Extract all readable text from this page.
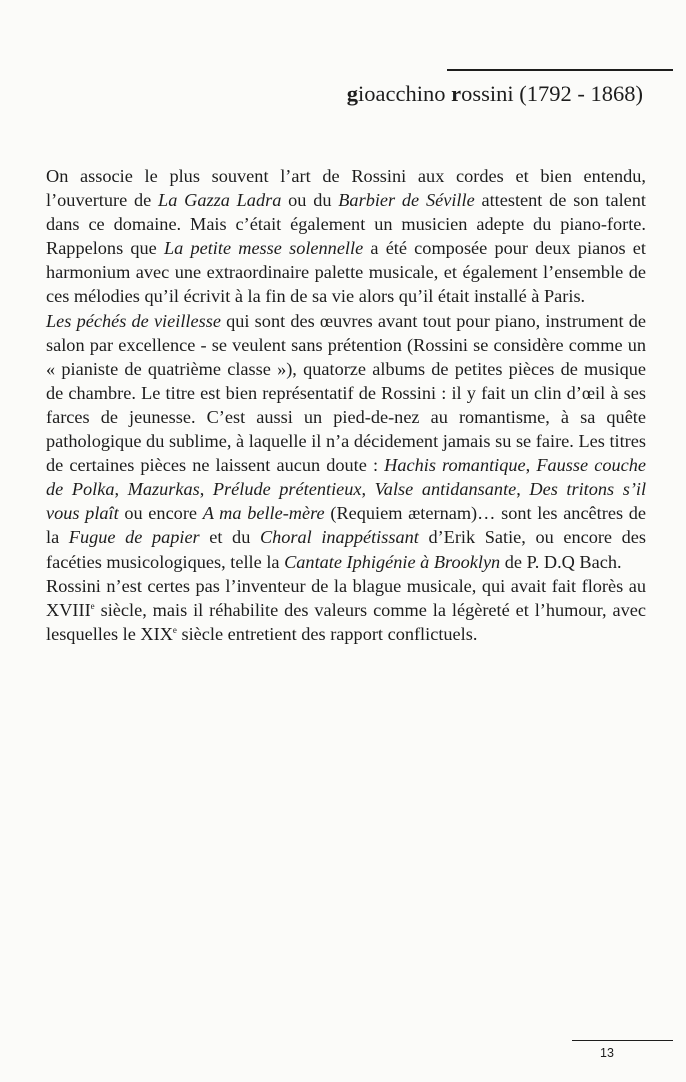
gioacchino rossini (1792 - 1868)

On associe le plus souvent l’art de Rossini aux cordes et bien entendu, l’ouverture de La Gazza Ladra ou du Barbier de Séville attestent de son talent dans ce domaine. Mais c’était également un musicien adepte du piano-forte. Rappelons que La petite messe solennelle a été composée pour deux pianos et harmonium avec une extraordinaire palette musicale, et également l’ensemble de ces mélodies qu’il écrivit à la fin de sa vie alors qu’il était installé à Paris.

Les péchés de vieillesse qui sont des œuvres avant tout pour piano, instrument de salon par excellence - se veulent sans prétention (Rossini se considère comme un « pianiste de quatrième classe »), quatorze albums de petites pièces de musique de chambre. Le titre est bien représentatif de Rossini : il y fait un clin d’œil à ses farces de jeunesse. C’est aussi un pied-de-nez au romantisme, à sa quête pathologique du sublime, à laquelle il n’a décidement jamais su se faire. Les titres de certaines pièces ne laissent aucun doute : Hachis romantique, Fausse couche de Polka, Mazurkas, Prélude prétentieux, Valse antidansante, Des tritons s’il vous plaît ou encore A ma belle-mère (Requiem æternam)… sont les ancêtres de la Fugue de papier et du Choral inappétissant d’Erik Satie, ou encore des facéties musicologiques, telle la Cantate Iphigénie à Brooklyn de P. D.Q Bach.

Rossini n’est certes pas l’inventeur de la blague musicale, qui avait fait florès au XVIIIe siècle, mais il réhabilite des valeurs comme la légèreté et l’humour, avec lesquelles le XIXe siècle entretient des rapport conflictuels.

13
